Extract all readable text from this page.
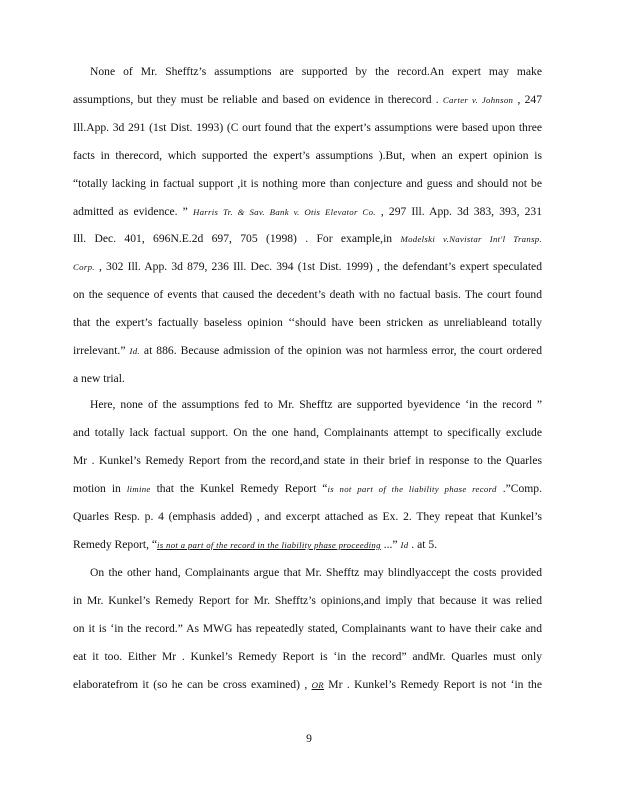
None of Mr. Shefftz’s assumptions are supported by the record.An expert may make
assumptions, but they must be reliable and based on evidence in therecord . Carter v. Johnson , 247
Ill.App. 3d 291 (1st Dist. 1993) (C ourt found that the expert’s assumptions were based upon three
facts in therecord, which supported the expert’s assumptions ).But, when an expert opinion is
“totally lacking in factual support ,it is nothing more than conjecture and guess and should not be
admitted as evidence. ” Harris Tr. & Sav. Bank v. Otis Elevator Co. , 297 Ill. App. 3d 383, 393, 231
Ill. Dec. 401, 696N.E.2d 697, 705 (1998) . For example,in Modelski v.Navistar Int'l Transp.
Corp. , 302 Ill. App. 3d 879, 236 Ill. Dec. 394 (1st Dist. 1999) , the defendant’s expert speculated
on the sequence of events that caused the decedent’s death with no factual basis. The court found
that the expert’s factually baseless opinion ‘‘should have been stricken as unreliableand totally
irrelevant.” Id. at 886. Because admission of the opinion was not harmless error, the court ordered
a new trial.
Here, none of the assumptions fed to Mr. Shefftz are supported byevidence ‘in the record ”
and totally lack factual support. On the one hand, Complainants attempt to specifically exclude
Mr . Kunkel’s Remedy Report from the record,and state in their brief in response to the Quarles
motion in limine that the Kunkel Remedy Report “is not part of the liability phase record .”Comp.
Quarles Resp. p. 4 (emphasis added) , and excerpt attached as Ex. 2. They repeat that Kunkel’s
Remedy Report, “is not a part of the record in the liability phase proceeding ...” Id . at 5.
On the other hand, Complainants argue that Mr. Shefftz may blindlyaccept the costs provided
in Mr. Kunkel’s Remedy Report for Mr. Shefftz’s opinions,and imply that because it was relied
on it is ‘in the record.” As MWG has repeatedly stated, Complainants want to have their cake and
eat it too. Either Mr . Kunkel’s Remedy Report is ‘in the record” andMr. Quarles must only
elaboratefrom it (so he can be cross examined) , OR Mr . Kunkel’s Remedy Report is not ‘in the
9
